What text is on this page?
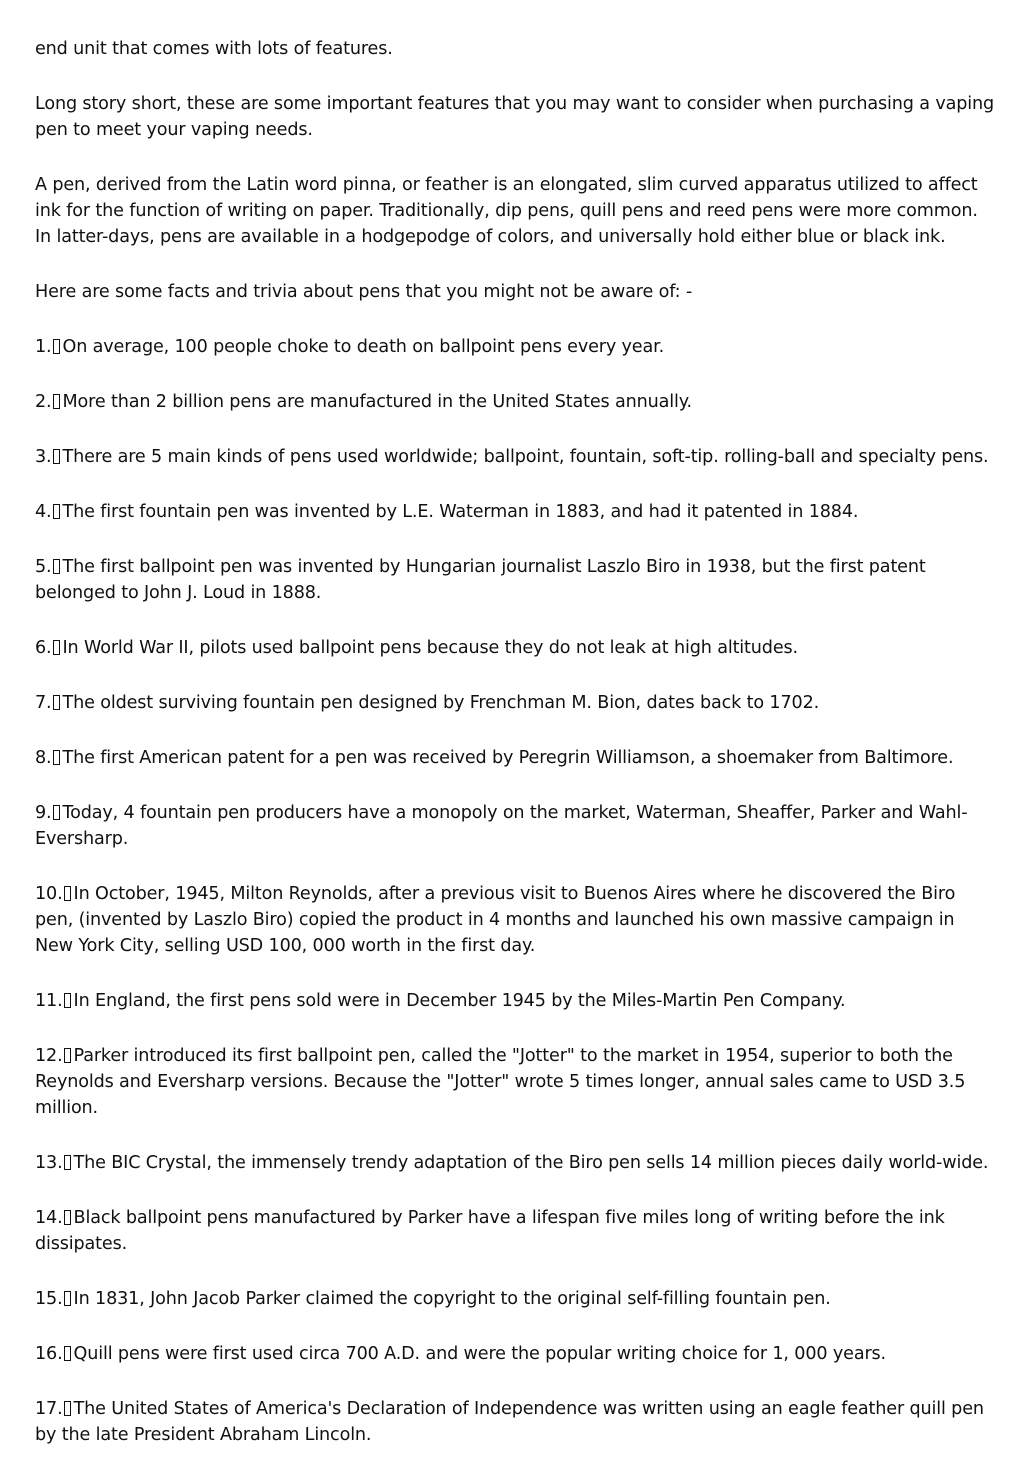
end unit that comes with lots of features.

Long story short, these are some important features that you may want to consider when purchasing a vaping pen to meet your vaping needs.

A pen, derived from the Latin word pinna, or feather is an elongated, slim curved apparatus utilized to affect ink for the function of writing on paper. Traditionally, dip pens, quill pens and reed pens were more common. In latter-days, pens are available in a hodgepodge of colors, and universally hold either blue or black ink.

Here are some facts and trivia about pens that you might not be aware of: -

1. On average, 100 people choke to death on ballpoint pens every year.

2. More than 2 billion pens are manufactured in the United States annually.

3. There are 5 main kinds of pens used worldwide; ballpoint, fountain, soft-tip. rolling-ball and specialty pens.

4. The first fountain pen was invented by L.E. Waterman in 1883, and had it patented in 1884.

5. The first ballpoint pen was invented by Hungarian journalist Laszlo Biro in 1938, but the first patent belonged to John J. Loud in 1888.

6. In World War II, pilots used ballpoint pens because they do not leak at high altitudes.

7. The oldest surviving fountain pen designed by Frenchman M. Bion, dates back to 1702.

8. The first American patent for a pen was received by Peregrin Williamson, a shoemaker from Baltimore.

9. Today, 4 fountain pen producers have a monopoly on the market, Waterman, Sheaffer, Parker and Wahl-Eversharp.

10. In October, 1945, Milton Reynolds, after a previous visit to Buenos Aires where he discovered the Biro pen, (invented by Laszlo Biro) copied the product in 4 months and launched his own massive campaign in New York City, selling USD 100, 000 worth in the first day.

11. In England, the first pens sold were in December 1945 by the Miles-Martin Pen Company.

12. Parker introduced its first ballpoint pen, called the "Jotter" to the market in 1954, superior to both the Reynolds and Eversharp versions. Because the "Jotter" wrote 5 times longer, annual sales came to USD 3.5 million.

13. The BIC Crystal, the immensely trendy adaptation of the Biro pen sells 14 million pieces daily world-wide.

14. Black ballpoint pens manufactured by Parker have a lifespan five miles long of writing before the ink dissipates.

15. In 1831, John Jacob Parker claimed the copyright to the original self-filling fountain pen.

16. Quill pens were first used circa 700 A.D. and were the popular writing choice for 1, 000 years.

17. The United States of America's Declaration of Independence was written using an eagle feather quill pen by the late President Abraham Lincoln.
